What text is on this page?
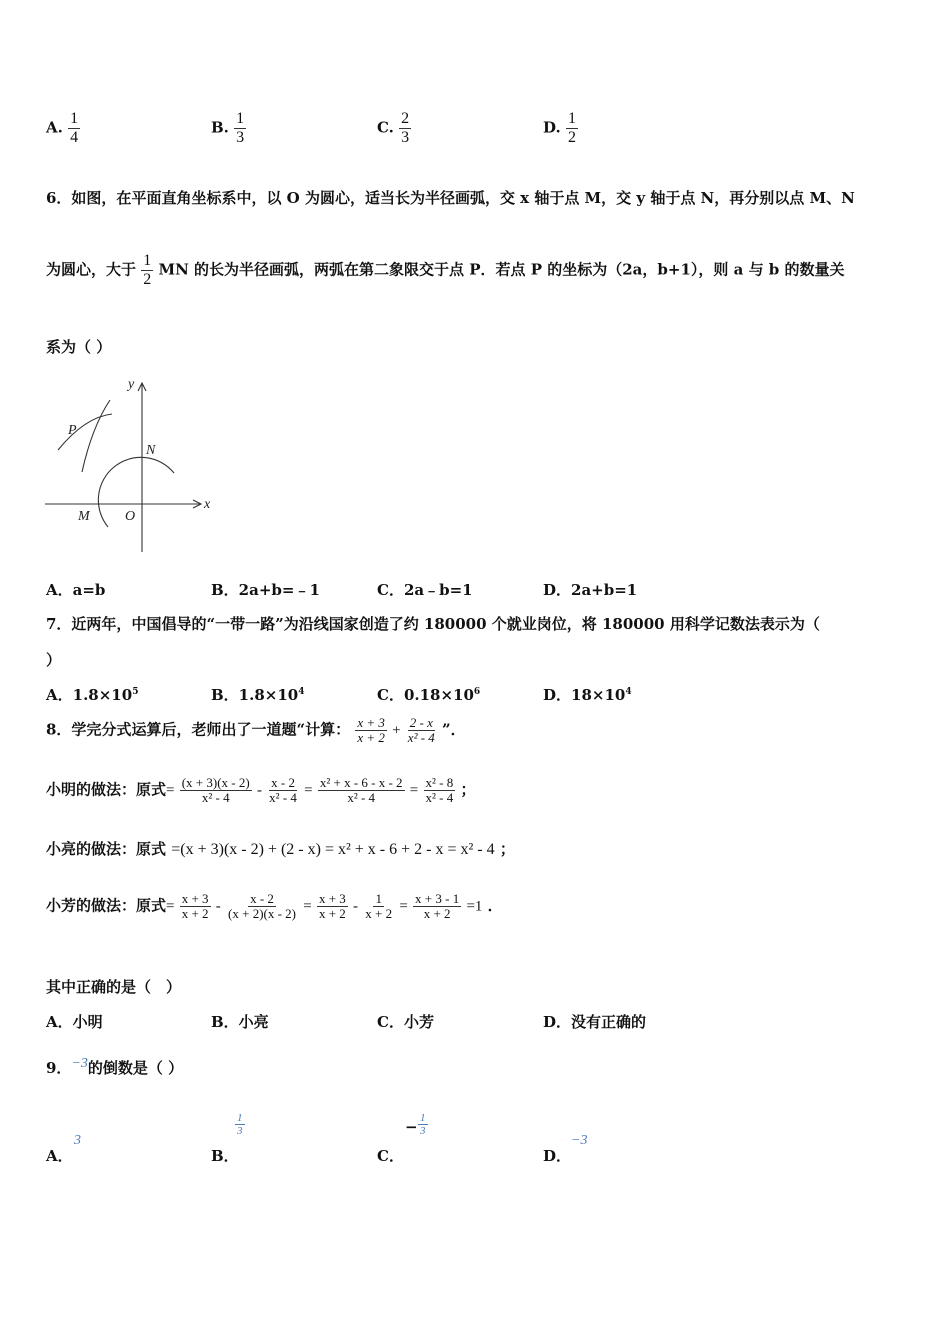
A. $\frac{1}{4}$	B. $\frac{1}{3}$	C. $\frac{2}{3}$	D. $\frac{1}{2}$
6．如图，在平面直角坐标系中，以 O 为圆心，适当长为半径画弧，交 x 轴于点 M，交 y 轴于点 N，再分别以点 M、N
为圆心，大于 $\frac{1}{2}$ MN 的长为半径画弧，两弧在第二象限交于点 P．若点 P 的坐标为（2a，b+1），则 a 与 b 的数量关
系为（ ）
y
x
P
N
M	O
A．a=b	B．2a+b=﹣1	C．2a﹣b=1	D．2a+b=1
7．近两年，中国倡导的“一带一路”为沿线国家创造了约 180000 个就业岗位，将 180000 用科学记数法表示为（
）
A．$1.8\times 10^5$	B．$1.8\times 10^4$	C．$0.18\times 10^6$	D．$18\times 10^4$
8．学完分式运算后，老师出了一道题“计算： $\frac{x + 3}{x + 2} + \frac{2 - x}{\text{x² - 4}}$ ”．
小明的做法：原式= $\frac{(x + 3)(x - 2)}{\text{x² - 4}} - \frac{x - 2}{\text{x² - 4}} = \frac{\text{x² + x - 6 - x - 2}}{\text{x² - 4}} = \frac{\text{x² - 8}}{\text{x² - 4}}$ ；
小亮的做法：原式 =(x + 3)(x - 2) + (2 - x) = x² + x - 6 + 2 - x = x² - 4 ；
小芳的做法：原式= $\frac{x + 3}{x + 2} - \frac{x - 2}{(x + 2)(x - 2)} = \frac{x + 3}{x + 2} - \frac{1}{x + 2} = \frac{x + 3 - 1}{x + 2} =1$ ．
其中正确的是（　）
A．小明	B．小亮	C．小芳	D．没有正确的
9．−3的倒数是（ ）
A．
3
B．
$\frac{1}{3}$
C．
− $\frac{1}{3}$
D．
−3
